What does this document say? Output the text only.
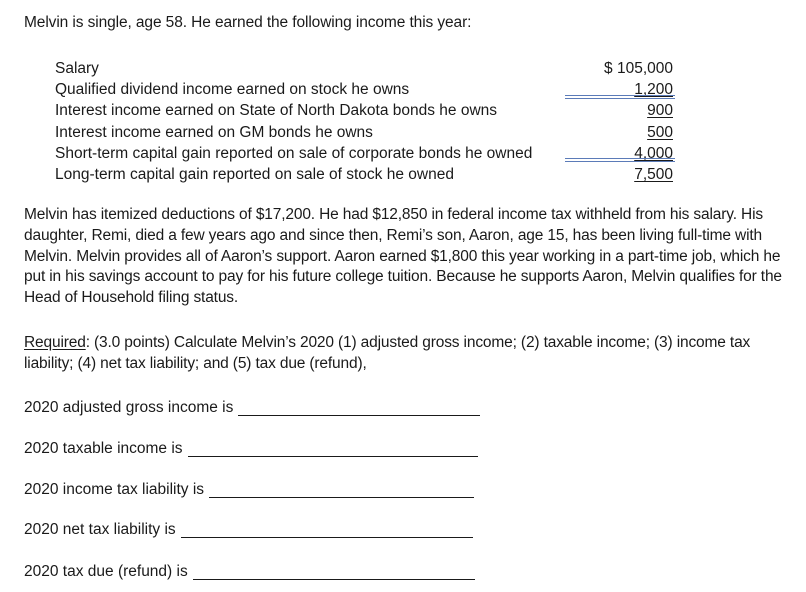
Melvin is single, age 58. He earned the following income this year:
Salary	$ 105,000
Qualified dividend income earned on stock he owns	1,200
Interest income earned on State of North Dakota bonds he owns	900
Interest income earned on GM bonds he owns	500
Short-term capital gain reported on sale of corporate bonds he owned	4,000
Long-term capital gain reported on sale of stock he owned	7,500
Melvin has itemized deductions of $17,200. He had $12,850 in federal income tax withheld from his salary. His daughter, Remi, died a few years ago and since then, Remi’s son, Aaron, age 15, has been living full-time with Melvin. Melvin provides all of Aaron’s support. Aaron earned $1,800 this year working in a part-time job, which he put in his savings account to pay for his future college tuition. Because he supports Aaron, Melvin qualifies for the Head of Household filing status.
Required: (3.0 points) Calculate Melvin’s 2020 (1) adjusted gross income; (2) taxable income; (3) income tax liability; (4) net tax liability; and (5) tax due (refund),
2020 adjusted gross income is
2020 taxable income is
2020 income tax liability is
2020 net tax liability is
2020 tax due (refund) is
